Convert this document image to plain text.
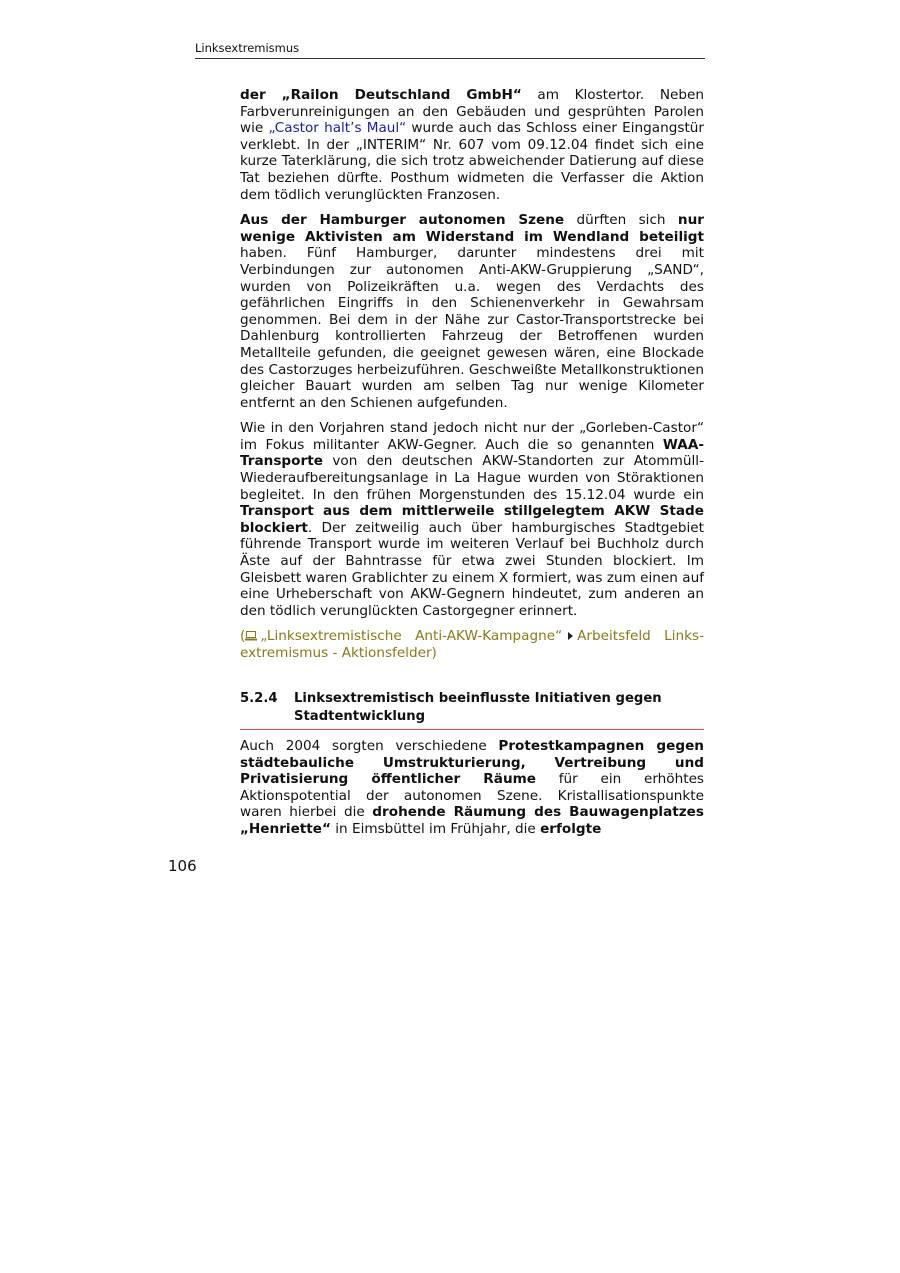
Linksextremismus

der „Railon Deutschland GmbH“ am Klostertor. Neben Farbverunreinigungen an den Gebäuden und gesprühten Parolen wie „Castor halt’s Maul“ wurde auch das Schloss einer Eingangstür verklebt. In der „INTERIM“ Nr. 607 vom 09.12.04 findet sich eine kurze Taterklärung, die sich trotz abweichender Datierung auf diese Tat beziehen dürfte. Posthum widmeten die Verfasser die Aktion dem tödlich verunglückten Franzosen.

Aus der Hamburger autonomen Szene dürften sich nur wenige Aktivisten am Widerstand im Wendland beteiligt haben. Fünf Hamburger, darunter mindestens drei mit Verbindungen zur autonomen Anti-AKW-Gruppierung „SAND“, wurden von Polizeikräften u.a. wegen des Verdachts des gefährlichen Eingriffs in den Schienenverkehr in Gewahrsam genommen. Bei dem in der Nähe zur Castor-Transportstrecke bei Dahlenburg kontrollierten Fahrzeug der Betroffenen wurden Metallteile gefunden, die geeignet gewesen wären, eine Blockade des Castorzuges herbeizuführen. Geschweißte Metallkonstruktionen gleicher Bauart wurden am selben Tag nur wenige Kilometer entfernt an den Schienen aufgefunden.

Wie in den Vorjahren stand jedoch nicht nur der „Gorleben-Castor“ im Fokus militanter AKW-Gegner. Auch die so genannten WAA-Transporte von den deutschen AKW-Standorten zur Atommüll-Wiederaufbereitungsanlage in La Hague wurden von Störaktionen begleitet. In den frühen Morgenstunden des 15.12.04 wurde ein Transport aus dem mittlerweile stillgelegtem AKW Stade blockiert. Der zeitweilig auch über hamburgisches Stadtgebiet führende Transport wurde im weiteren Verlauf bei Buchholz durch Äste auf der Bahntrasse für etwa zwei Stunden blockiert. Im Gleisbett waren Grablichter zu einem X formiert, was zum einen auf eine Urheberschaft von AKW-Gegnern hindeutet, zum anderen an den tödlich verunglückten Castorgegner erinnert.

( „Linksextremistische Anti-AKW-Kampagne“ Arbeitsfeld Linksextremismus - Aktionsfelder)

5.2.4 Linksextremistisch beeinflusste Initiativen gegen Stadtentwicklung

Auch 2004 sorgten verschiedene Protestkampagnen gegen städtebauliche Umstrukturierung, Vertreibung und Privatisierung öffentlicher Räume für ein erhöhtes Aktionspotential der autonomen Szene. Kristallisationspunkte waren hierbei die drohende Räumung des Bauwagenplatzes „Henriette“ in Eimsbüttel im Frühjahr, die erfolgte

106
